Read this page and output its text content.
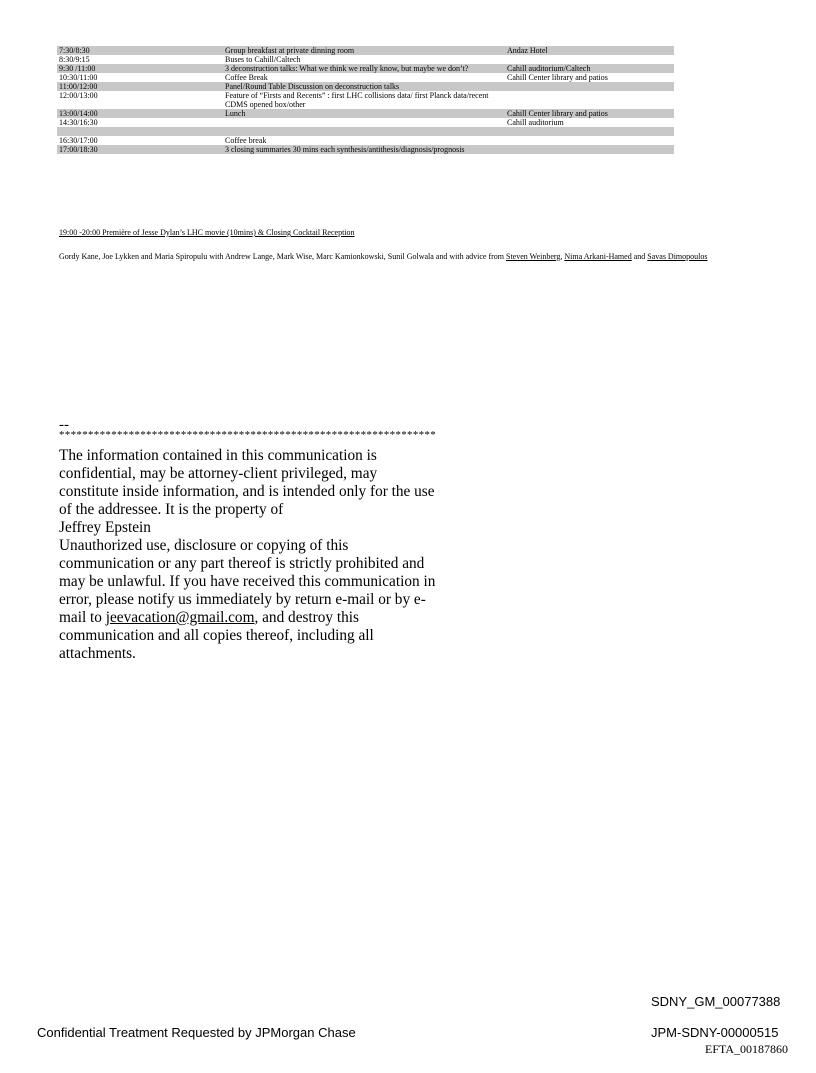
7:30/8:30	Group breakfast at private dinning room	Andaz Hotel
8:30/9:15	Buses to Cahill/Caltech	
9:30 /11:00	3 deconstruction talks: What we think we really know, but maybe we don’t?	Cahill auditorium/Caltech
10:30/11:00	Coffee Break	Cahill Center library and patios
11:00/12:00	Panel/Round Table Discussion on deconstruction talks	
12:00/13:00	Feature of “Firsts and Recents” : first LHC collisions data/ first Planck data/recent CDMS opened box/other	
13:00/14:00	Lunch	Cahill Center library and patios
14:30/16:30		Cahill auditorium

16:30/17:00	Coffee break	
17:00/18:30	3 closing summaries 30 mins each synthesis/antithesis/diagnosis/prognosis	
19:00 -20:00 Première of Jesse Dylan’s LHC movie (10mins) & Closing Cocktail Reception
Gordy Kane, Joe Lykken and Maria Spiropulu with Andrew Lange, Mark Wise, Marc Kamionkowski, Sunil Golwala and with advice from Steven Weinberg, Nima Arkani-Hamed and Savas Dimopoulos
--
*****************************************************************
The information contained in this communication is confidential, may be attorney-client privileged, may constitute inside information, and is intended only for the use of the addressee. It is the property of
Jeffrey Epstein
Unauthorized use, disclosure or copying of this communication or any part thereof is strictly prohibited and may be unlawful. If you have received this communication in error, please notify us immediately by return e-mail or by e-mail to jeevacation@gmail.com, and destroy this communication and all copies thereof, including all attachments.
SDNY_GM_00077388
Confidential Treatment Requested by JPMorgan Chase	JPM-SDNY-00000515
EFTA_00187860
